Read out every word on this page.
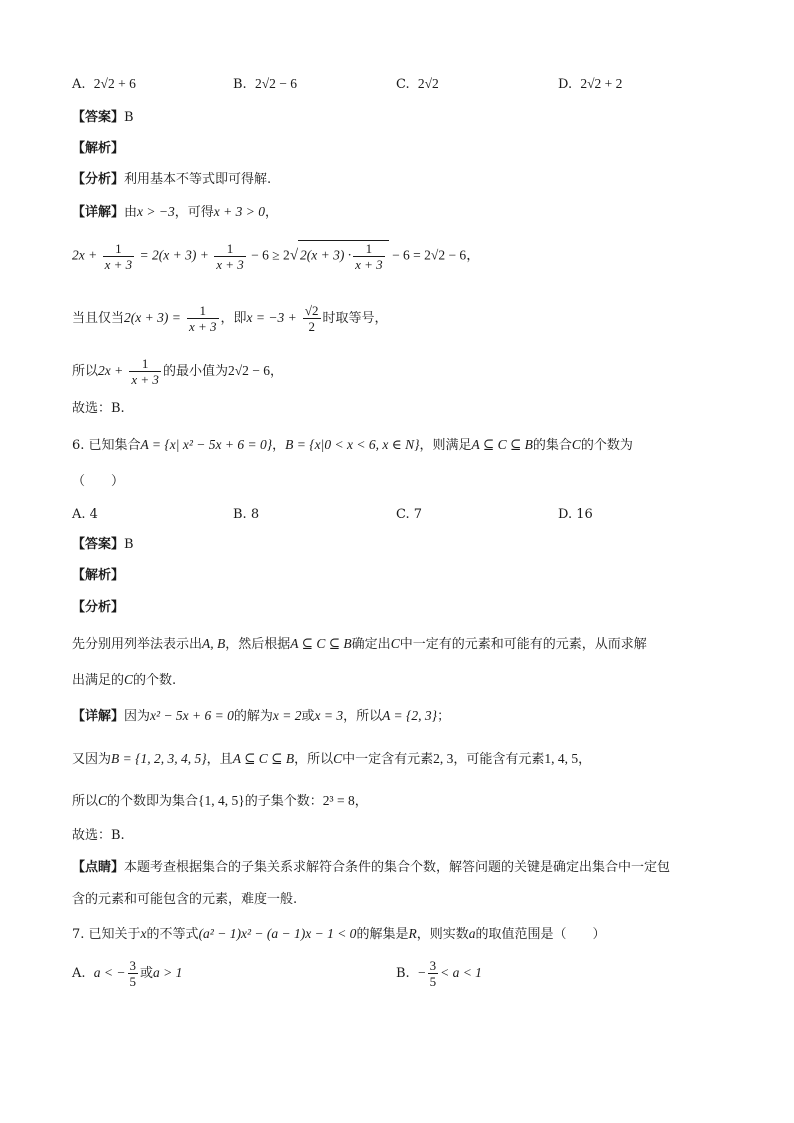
A. 2√2 + 6	B. 2√2 − 6	C. 2√2	D. 2√2 + 2
【答案】B
【解析】
【分析】利用基本不等式即可得解.
【详解】由x > −3，可得x + 3 > 0，
$2x + \frac{1}{x + 3} = 2(x + 3) + \frac{1}{x + 3} - 6 \ge 2√$ $2(x + 3) \cdot \frac{1}{x + 3} - 6 = 2√2 - 6$，
当且仅当$2(x + 3) = \frac{1}{x + 3}$ ，即$x = -3 + \frac{√2}{2}$ 时取等号，
所以$2x + \frac{1}{x + 3}$ 的最小值为2√2 − 6，
故选：B.
6. 已知集合A = {x| x² − 5x + 6 = 0}，B = {x|0 < x < 6, x ∈ N}，则满足A ⊆ C ⊆ B的集合C的个数为
（　　）
A. 4	B. 8	C. 7	D. 16
【答案】B
【解析】
【分析】
先分别用列举法表示出A, B，然后根据A ⊆ C ⊆ B确定出C中一定有的元素和可能有的元素，从而求解
出满足的C的个数.
【详解】因为x² − 5x + 6 = 0的解为x = 2或x = 3，所以A = {2, 3}；
又因为B = {1, 2, 3, 4, 5}，且A ⊆ C ⊆ B，所以C中一定含有元素2, 3，可能含有元素1, 4, 5，
所以C的个数即为集合{1, 4, 5}的子集个数：2³ = 8，
故选：B.
【点睛】本题考查根据集合的子集关系求解符合条件的集合个数，解答问题的关键是确定出集合中一定包
含的元素和可能包含的元素，难度一般.
7. 已知关于x的不等式(a² − 1)x² − (a − 1)x − 1 < 0的解集是R，则实数a的取值范围是（　　）
A. a < − $\frac{3}{5}$ 或a > 1	B. − $\frac{3}{5} < a < 1$
